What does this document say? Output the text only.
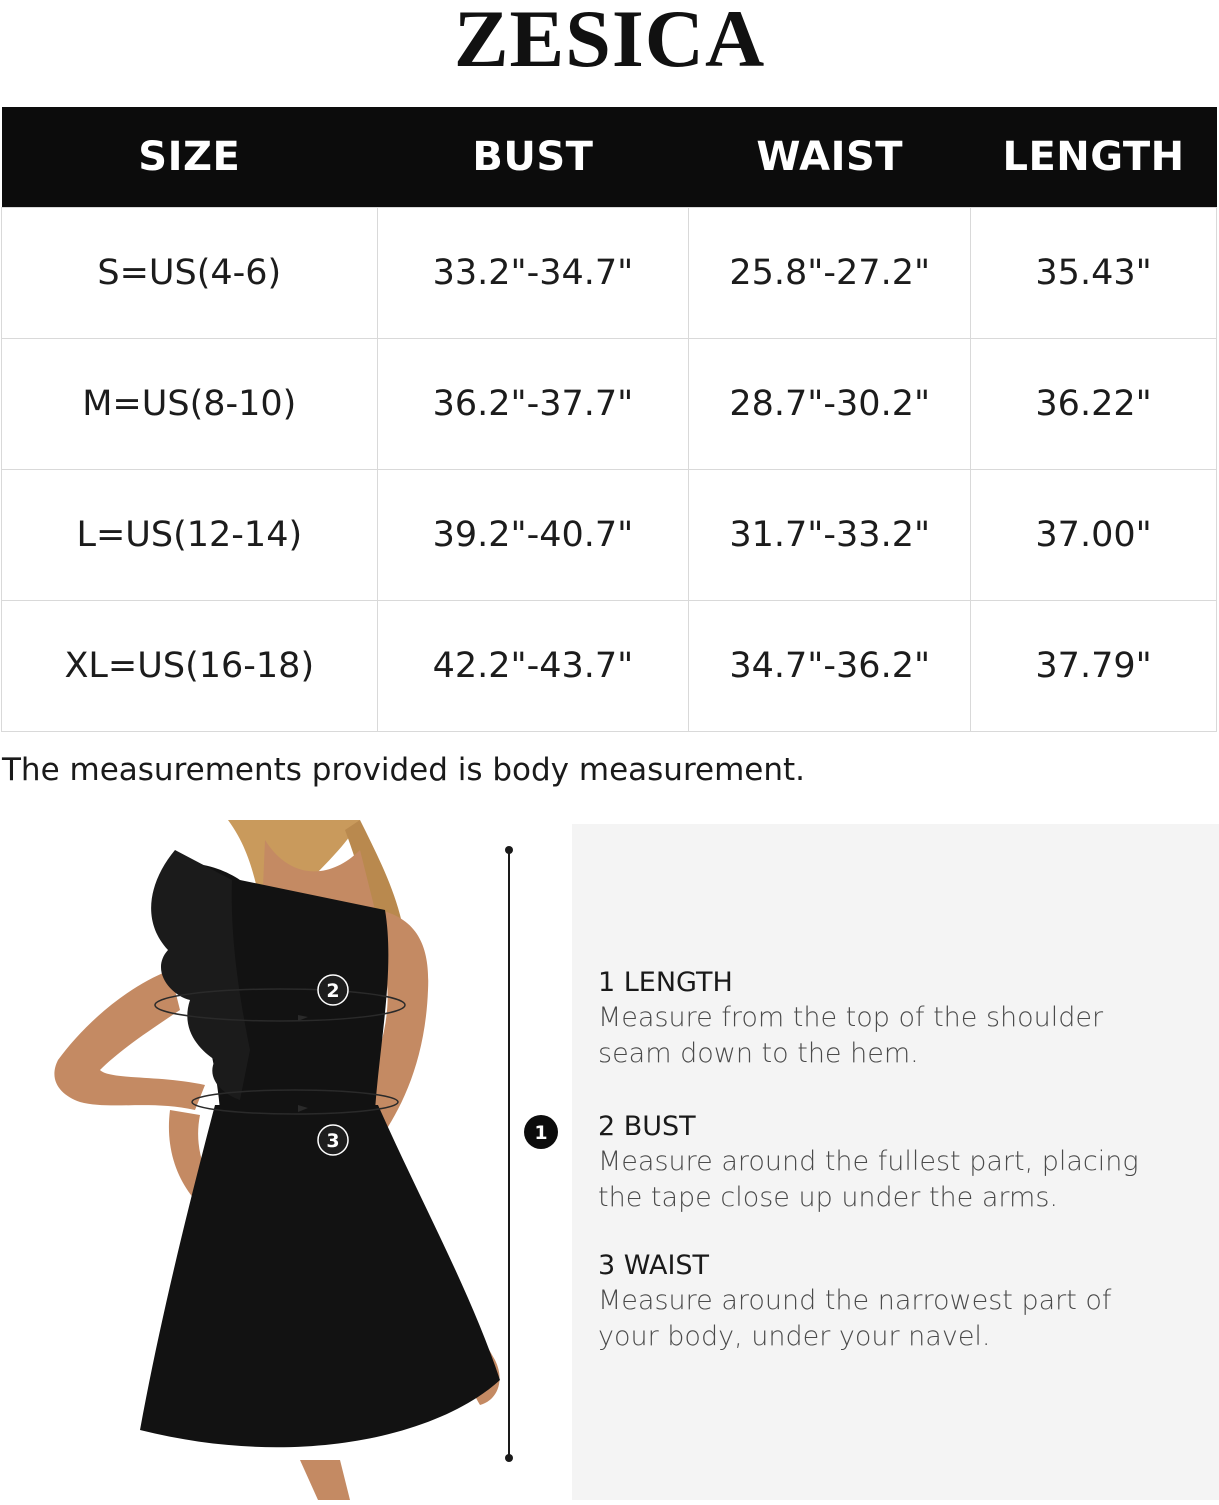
ZESICA
SIZE	BUST	WAIST	LENGTH
S=US(4-6)	33.2"-34.7"	25.8"-27.2"	35.43"
M=US(8-10)	36.2"-37.7"	28.7"-30.2"	36.22"
L=US(12-14)	39.2"-40.7"	31.7"-33.2"	37.00"
XL=US(16-18)	42.2"-43.7"	34.7"-36.2"	37.79"
The measurements provided is body measurement.
2
3	1
1 LENGTH
Measure from the top of the shoulder
seam down to the hem.
2 BUST
Measure around the fullest part, placing
the tape close up under the arms.
3 WAIST
Measure around the narrowest part of
your body, under your navel.
